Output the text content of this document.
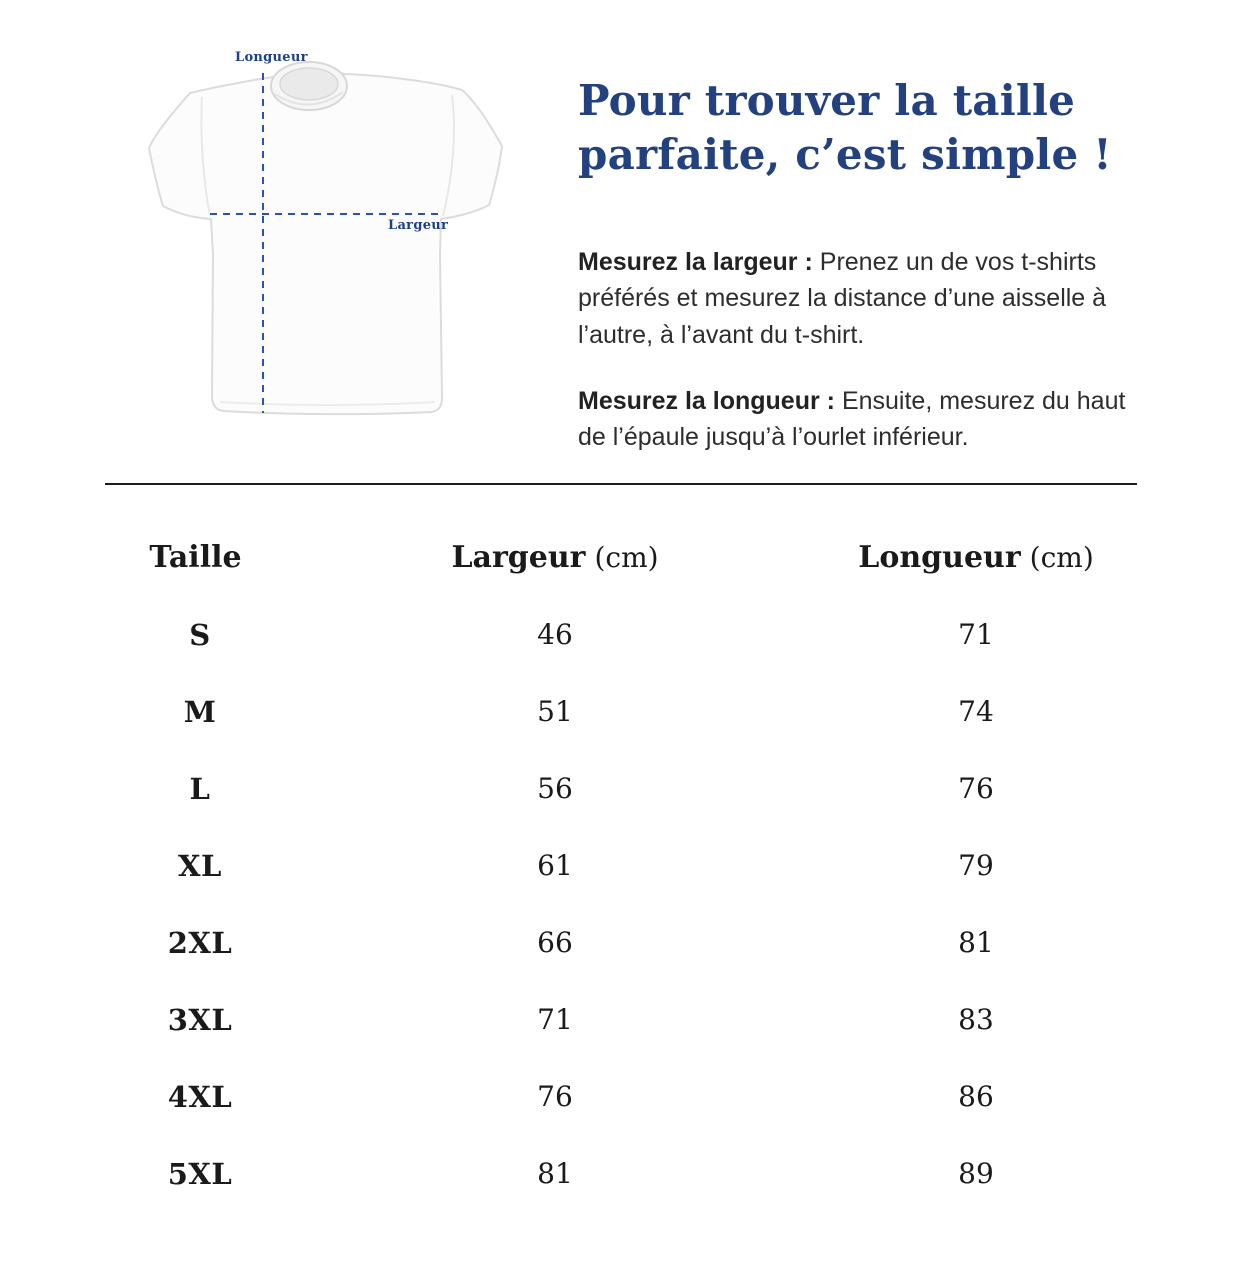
Longueur
Largeur
Pour trouver la taille
parfaite, c’est simple !

Mesurez la largeur : Prenez un de vos t-shirts préférés et mesurez la distance d’une aisselle à l’autre, à l’avant du t-shirt.

Mesurez la longueur : Ensuite, mesurez du haut de l’épaule jusqu’à l’ourlet inférieur.

Taille	Largeur (cm)	Longueur (cm)
S	46	71
M	51	74
L	56	76
XL	61	79
2XL	66	81
3XL	71	83
4XL	76	86
5XL	81	89
